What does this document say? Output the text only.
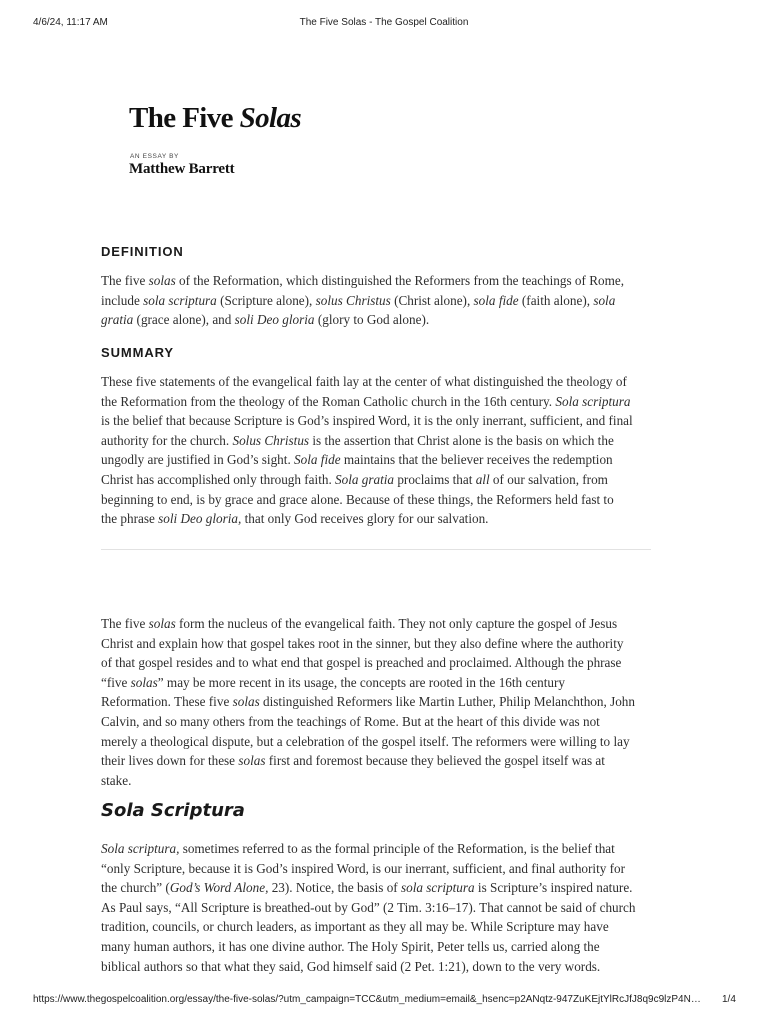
4/6/24, 11:17 AM	The Five Solas - The Gospel Coalition
The Five Solas
AN ESSAY BY
Matthew Barrett
DEFINITION
The five solas of the Reformation, which distinguished the Reformers from the teachings of Rome,
include sola scriptura (Scripture alone), solus Christus (Christ alone), sola fide (faith alone), sola
gratia (grace alone), and soli Deo gloria (glory to God alone).
SUMMARY
These five statements of the evangelical faith lay at the center of what distinguished the theology of
the Reformation from the theology of the Roman Catholic church in the 16th century. Sola scriptura
is the belief that because Scripture is God’s inspired Word, it is the only inerrant, sufficient, and final
authority for the church. Solus Christus is the assertion that Christ alone is the basis on which the
ungodly are justified in God’s sight. Sola fide maintains that the believer receives the redemption
Christ has accomplished only through faith. Sola gratia proclaims that all of our salvation, from
beginning to end, is by grace and grace alone. Because of these things, the Reformers held fast to
the phrase soli Deo gloria, that only God receives glory for our salvation.
The five solas form the nucleus of the evangelical faith. They not only capture the gospel of Jesus
Christ and explain how that gospel takes root in the sinner, but they also define where the authority
of that gospel resides and to what end that gospel is preached and proclaimed. Although the phrase
“five solas” may be more recent in its usage, the concepts are rooted in the 16th century
Reformation. These five solas distinguished Reformers like Martin Luther, Philip Melanchthon, John
Calvin, and so many others from the teachings of Rome. But at the heart of this divide was not
merely a theological dispute, but a celebration of the gospel itself. The reformers were willing to lay
their lives down for these solas first and foremost because they believed the gospel itself was at
stake.
Sola Scriptura
Sola scriptura, sometimes referred to as the formal principle of the Reformation, is the belief that
“only Scripture, because it is God’s inspired Word, is our inerrant, sufficient, and final authority for
the church” (God’s Word Alone, 23). Notice, the basis of sola scriptura is Scripture’s inspired nature.
As Paul says, “All Scripture is breathed-out by God” (2 Tim. 3:16–17). That cannot be said of church
tradition, councils, or church leaders, as important as they all may be. While Scripture may have
many human authors, it has one divine author. The Holy Spirit, Peter tells us, carried along the
biblical authors so that what they said, God himself said (2 Pet. 1:21), down to the very words.
https://www.thegospelcoalition.org/essay/the-five-solas/?utm_campaign=TCC&utm_medium=email&_hsenc=p2ANqtz-947ZuKEjtYlRcJfJ8q9c9lzP4N…	1/4
